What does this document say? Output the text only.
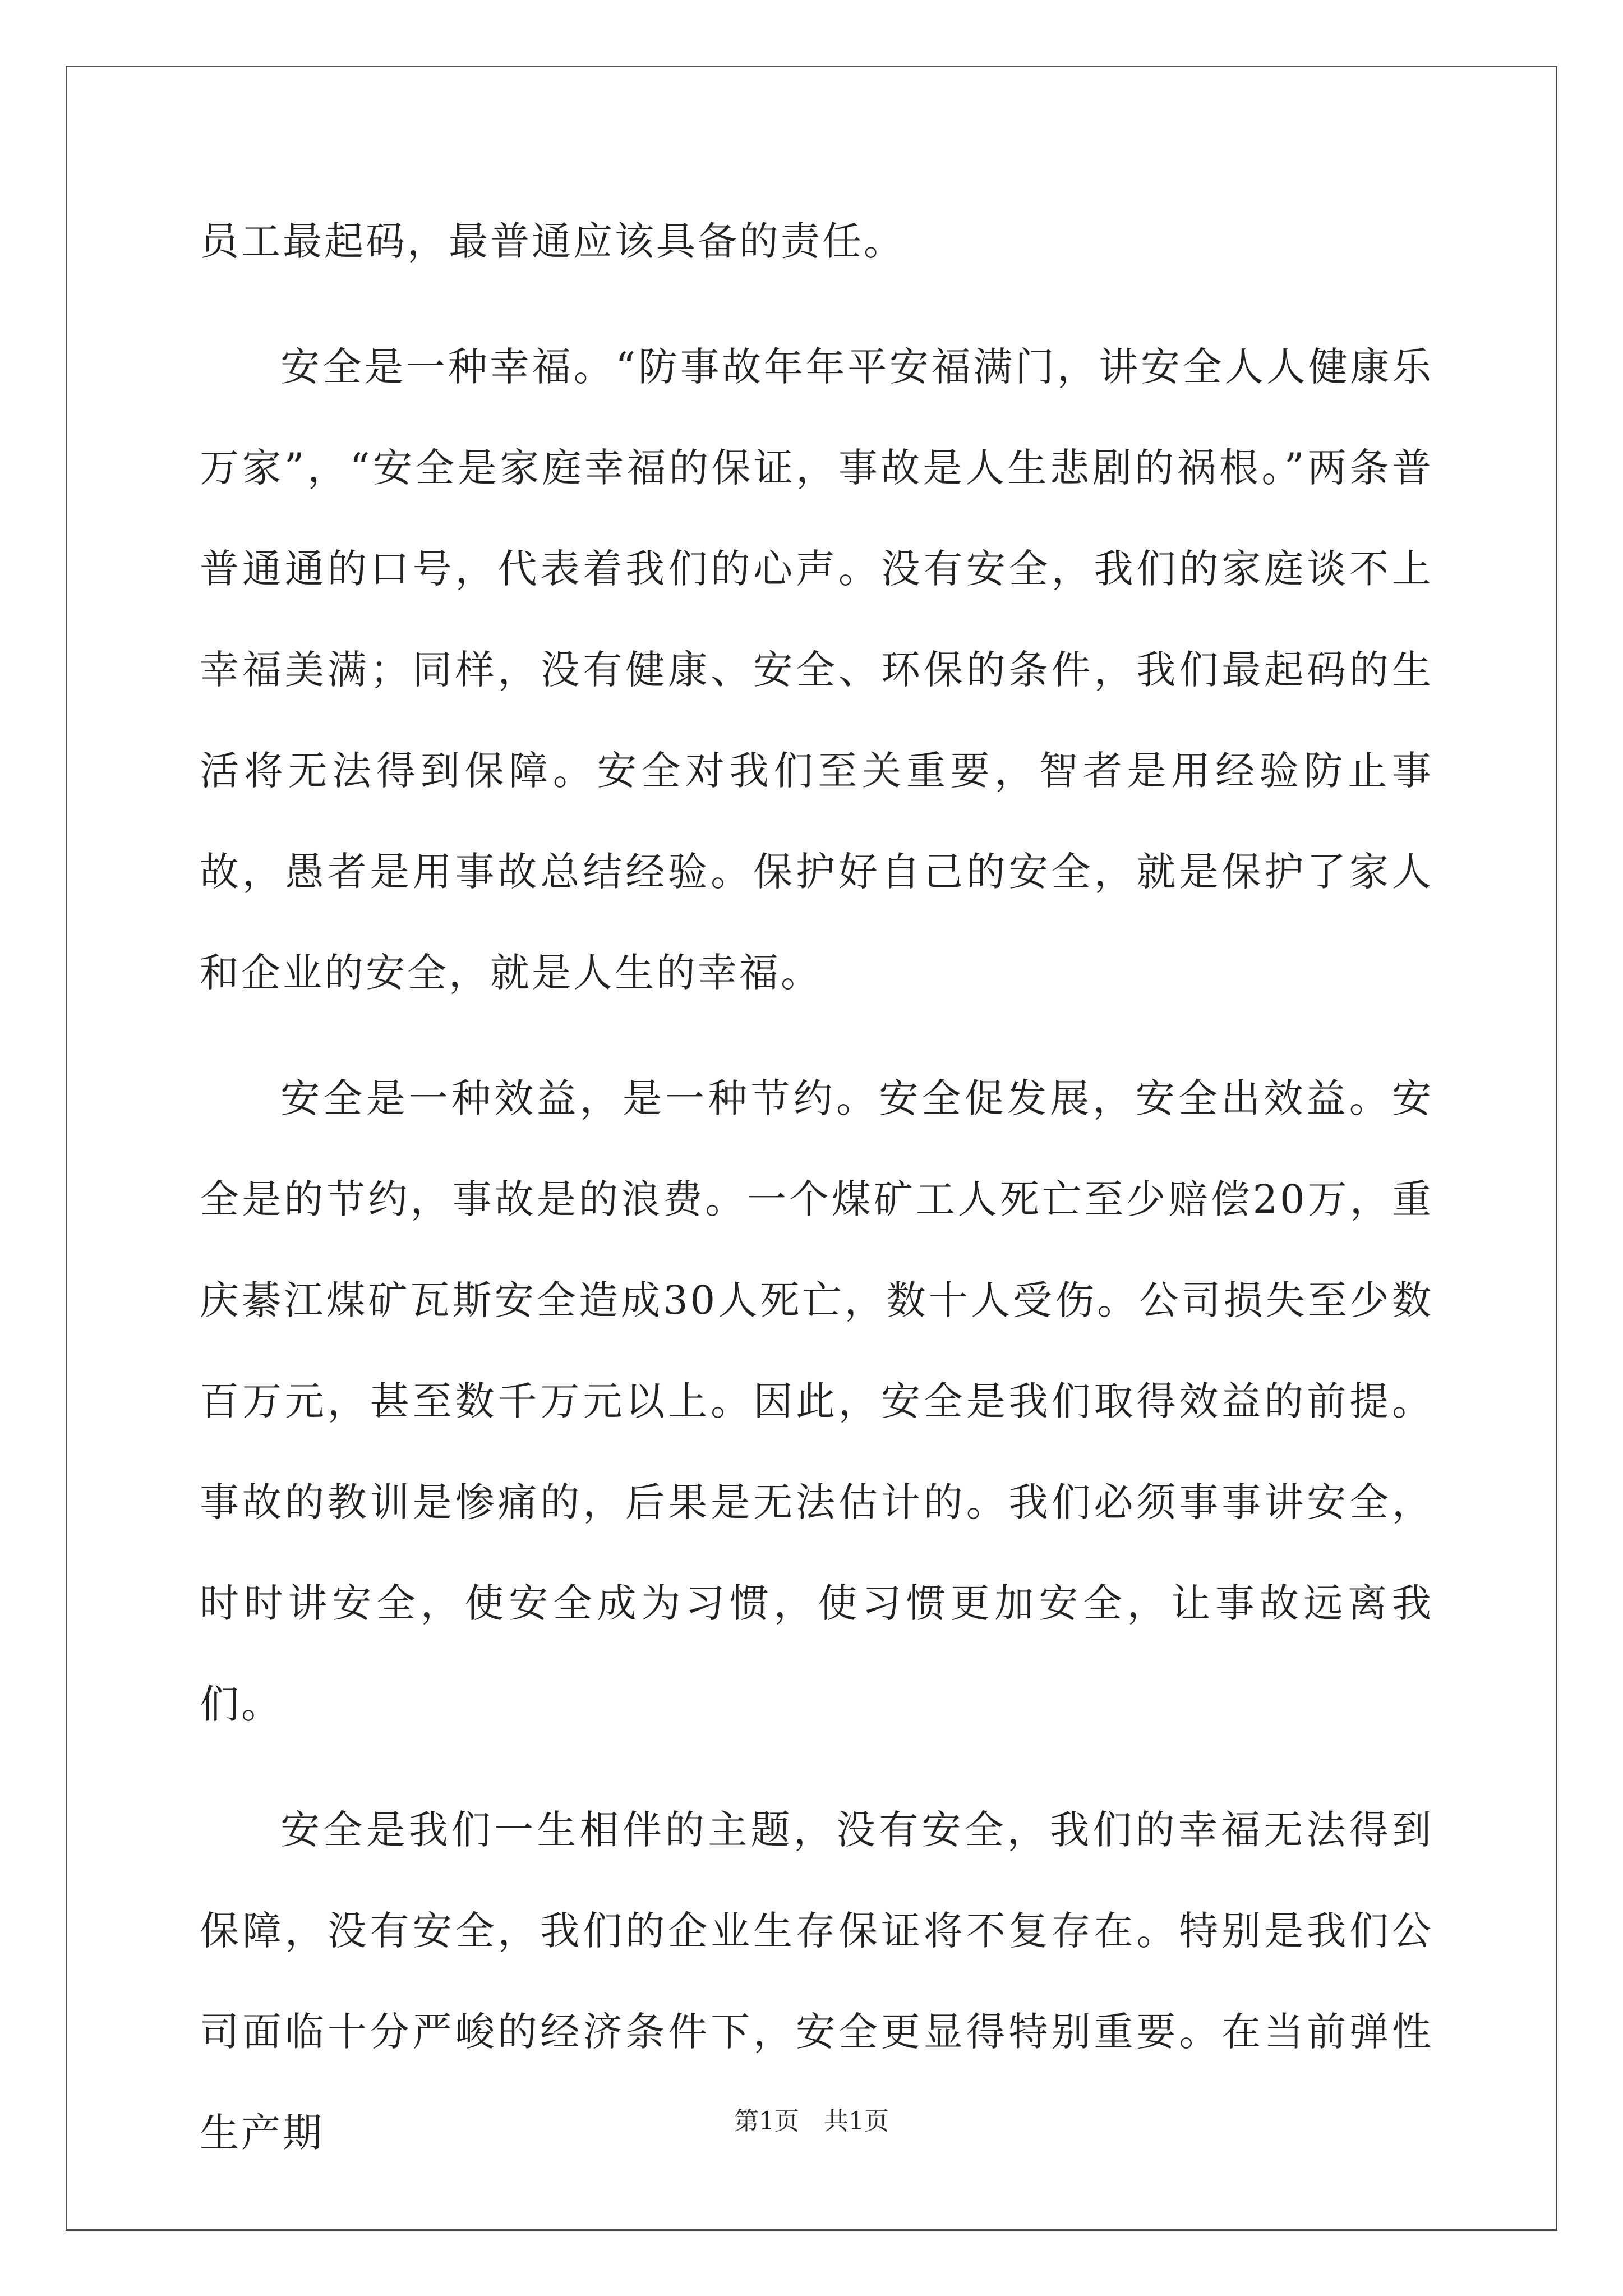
员工最起码，最普通应该具备的责任。

安全是一种幸福。“防事故年年平安福满门，讲安全人人健康乐万家”，“安全是家庭幸福的保证，事故是人生悲剧的祸根。”两条普普通通的口号，代表着我们的心声。没有安全，我们的家庭谈不上幸福美满；同样，没有健康、安全、环保的条件，我们最起码的生活将无法得到保障。安全对我们至关重要，智者是用经验防止事故，愚者是用事故总结经验。保护好自己的安全，就是保护了家人和企业的安全，就是人生的幸福。

安全是一种效益，是一种节约。安全促发展，安全出效益。安全是的节约，事故是的浪费。一个煤矿工人死亡至少赔偿20万，重庆綦江煤矿瓦斯安全造成30人死亡，数十人受伤。公司损失至少数百万元，甚至数千万元以上。因此，安全是我们取得效益的前提。事故的教训是惨痛的，后果是无法估计的。我们必须事事讲安全，时时讲安全，使安全成为习惯，使习惯更加安全，让事故远离我们。

安全是我们一生相伴的主题，没有安全，我们的幸福无法得到保障，没有安全，我们的企业生存保证将不复存在。特别是我们公司面临十分严峻的经济条件下，安全更显得特别重要。在当前弹性生产期	第1页　共1页
